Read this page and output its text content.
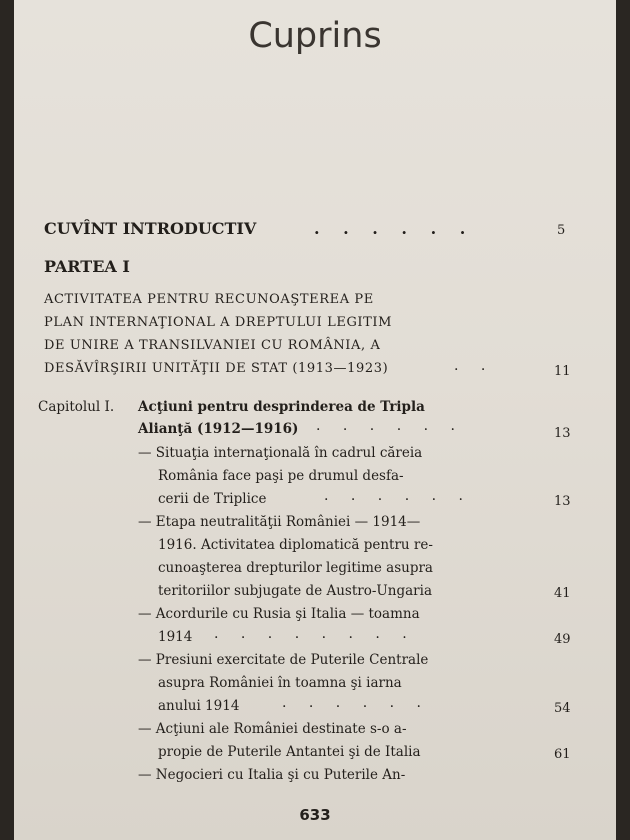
Cuprins
CUVÎNT INTRODUCTIV	. . . . . .	5
PARTEA I
ACTIVITATEA PENTRU RECUNOAŞTEREA PE
PLAN INTERNAŢIONAL A DREPTULUI LEGITIM
DE UNIRE A TRANSILVANIEI CU ROMÂNIA, A
DESĂVÎRŞIRII UNITĂŢII DE STAT (1913—1923)	. .	11
Capitolul I. Acţiuni pentru desprinderea de Tripla
Alianţă (1912—1916) . . . . . .	13
— Situaţia internaţională în cadrul căreia
România face paşi pe drumul desfa-
cerii de Triplice	. . . . . .	13
— Etapa neutralităţii României — 1914—
1916. Activitatea diplomatică pentru re-
cunoaşterea drepturilor legitime asupra
teritoriilor subjugate de Austro-Ungaria	41
— Acordurile cu Rusia şi Italia — toamna
1914 . . . . . . . .	49
— Presiuni exercitate de Puterile Centrale
asupra României în toamna şi iarna
anului 1914	. . . . . .	54
— Acţiuni ale României destinate s-o a-
propie de Puterile Antantei şi de Italia	61
— Negocieri cu Italia şi cu Puterile An-
633
